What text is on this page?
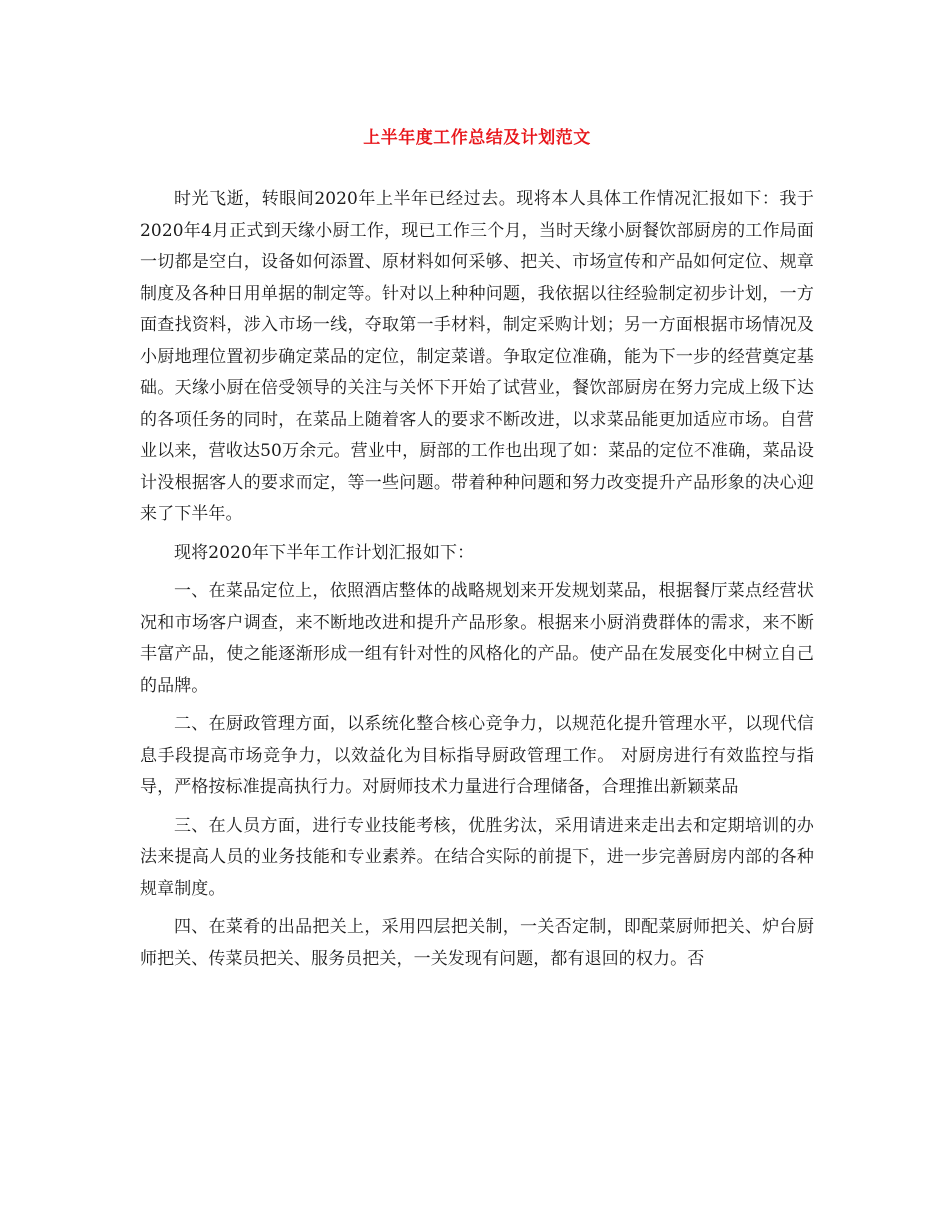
上半年度工作总结及计划范文

时光飞逝，转眼间2020年上半年已经过去。现将本人具体工作情况汇报如下：我于2020年4月正式到天缘小厨工作，现已工作三个月，当时天缘小厨餐饮部厨房的工作局面一切都是空白，设备如何添置、原材料如何采够、把关、市场宣传和产品如何定位、规章制度及各种日用单据的制定等。针对以上种种问题，我依据以往经验制定初步计划，一方面查找资料，涉入市场一线，夺取第一手材料，制定采购计划；另一方面根据市场情况及小厨地理位置初步确定菜品的定位，制定菜谱。争取定位准确，能为下一步的经营奠定基础。天缘小厨在倍受领导的关注与关怀下开始了试营业，餐饮部厨房在努力完成上级下达的各项任务的同时，在菜品上随着客人的要求不断改进，以求菜品能更加适应市场。自营业以来，营收达50万余元。营业中，厨部的工作也出现了如：菜品的定位不准确，菜品设计没根据客人的要求而定，等一些问题。带着种种问题和努力改变提升产品形象的决心迎来了下半年。

现将2020年下半年工作计划汇报如下：

一、在菜品定位上，依照酒店整体的战略规划来开发规划菜品，根据餐厅菜点经营状况和市场客户调查，来不断地改进和提升产品形象。根据来小厨消费群体的需求，来不断丰富产品，使之能逐渐形成一组有针对性的风格化的产品。使产品在发展变化中树立自己的品牌。

二、在厨政管理方面，以系统化整合核心竞争力，以规范化提升管理水平，以现代信息手段提高市场竞争力，以效益化为目标指导厨政管理工作。 对厨房进行有效监控与指导，严格按标准提高执行力。对厨师技术力量进行合理储备，合理推出新颖菜品

三、在人员方面，进行专业技能考核，优胜劣汰，采用请进来走出去和定期培训的办法来提高人员的业务技能和专业素养。在结合实际的前提下，进一步完善厨房内部的各种规章制度。

四、在菜肴的出品把关上，采用四层把关制，一关否定制，即配菜厨师把关、炉台厨师把关、传菜员把关、服务员把关，一关发现有问题，都有退回的权力。否
